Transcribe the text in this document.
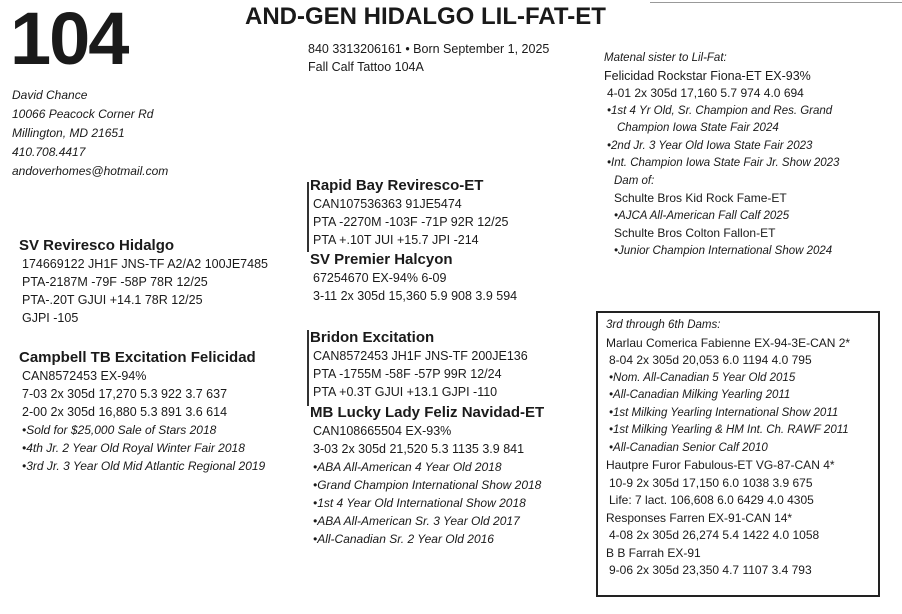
104	AND-GEN HIDALGO LIL-FAT-ET
840 3313206161 • Born September 1, 2025
Fall Calf Tattoo 104A
David Chance
10066 Peacock Corner Rd
Millington, MD 21651
410.708.4417
andoverhomes@hotmail.com
SV Reviresco Hidalgo
174669122 JH1F JNS-TF A2/A2 100JE7485
PTA-2187M -79F -58P 78R 12/25
PTA-.20T GJUI +14.1 78R 12/25
GJPI -105
Rapid Bay Reviresco-ET
CAN107536363 91JE5474
PTA -2270M -103F -71P 92R 12/25
PTA +.10T JUI +15.7 JPI -214
SV Premier Halcyon
67254670 EX-94% 6-09
3-11 2x 305d 15,360 5.9 908 3.9 594
Campbell TB Excitation Felicidad
CAN8572453 EX-94%
7-03 2x 305d 17,270 5.3 922 3.7 637
2-00 2x 305d 16,880 5.3 891 3.6 614
•Sold for $25,000 Sale of Stars 2018
•4th Jr. 2 Year Old Royal Winter Fair 2018
•3rd Jr. 3 Year Old Mid Atlantic Regional 2019
Bridon Excitation
CAN8572453 JH1F JNS-TF 200JE136
PTA -1755M -58F -57P 99R 12/24
PTA +0.3T GJUI +13.1 GJPI -110
MB Lucky Lady Feliz Navidad-ET
CAN108665504 EX-93%
3-03 2x 305d 21,520 5.3 1135 3.9 841
•ABA All-American 4 Year Old 2018
•Grand Champion International Show 2018
•1st 4 Year Old International Show 2018
•ABA All-American Sr. 3 Year Old 2017
•All-Canadian Sr. 2 Year Old 2016
Matenal sister to Lil-Fat:
Felicidad Rockstar Fiona-ET EX-93%
4-01 2x 305d 17,160 5.7 974 4.0 694
•1st 4 Yr Old, Sr. Champion and Res. Grand
Champion Iowa State Fair 2024
•2nd Jr. 3 Year Old Iowa State Fair 2023
•Int. Champion Iowa State Fair Jr. Show 2023
Dam of:
Schulte Bros Kid Rock Fame-ET
•AJCA All-American Fall Calf 2025
Schulte Bros Colton Fallon-ET
•Junior Champion International Show 2024
3rd through 6th Dams:
Marlau Comerica Fabienne EX-94-3E-CAN 2*
8-04 2x 305d 20,053 6.0 1194 4.0 795
•Nom. All-Canadian 5 Year Old 2015
•All-Canadian Milking Yearling 2011
•1st Milking Yearling International Show 2011
•1st Milking Yearling & HM Int. Ch. RAWF 2011
•All-Canadian Senior Calf 2010
Hautpre Furor Fabulous-ET VG-87-CAN 4*
10-9 2x 305d 17,150 6.0 1038 3.9 675
Life: 7 lact. 106,608 6.0 6429 4.0 4305
Responses Farren EX-91-CAN 14*
4-08 2x 305d 26,274 5.4 1422 4.0 1058
B B Farrah EX-91
9-06 2x 305d 23,350 4.7 1107 3.4 793
